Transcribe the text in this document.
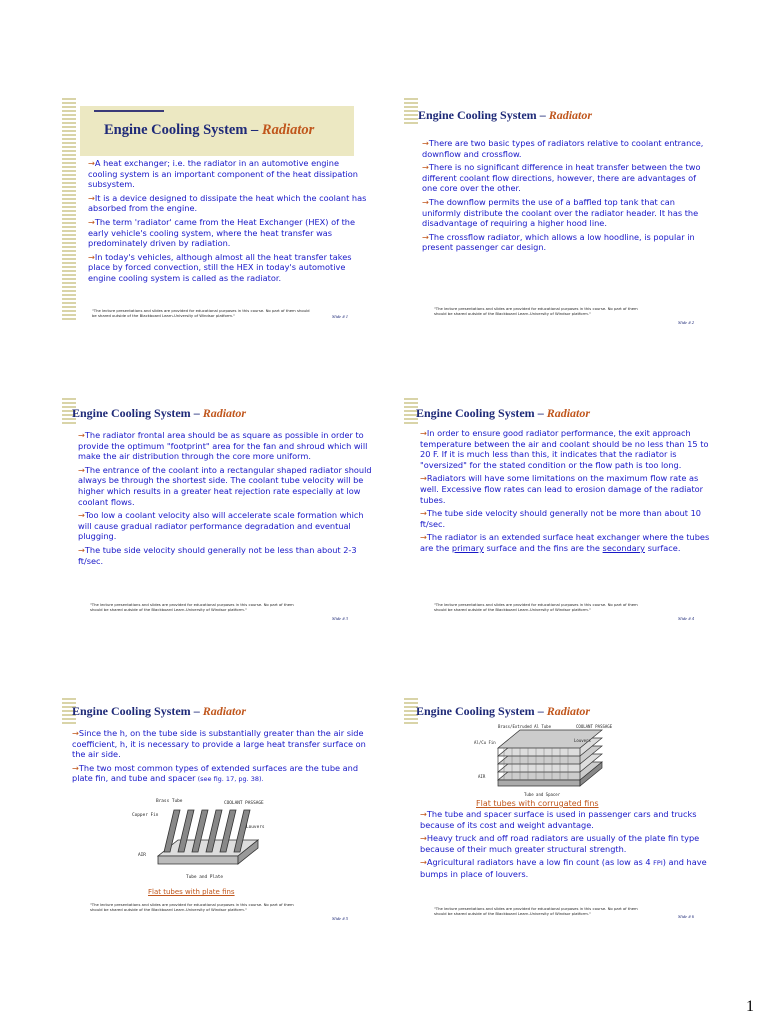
Engine Cooling System – Radiator

→A heat exchanger; i.e. the radiator in an automotive engine cooling system is an important component of the heat dissipation subsystem.

→It is a device designed to dissipate the heat which the coolant has absorbed from the engine.

→The term 'radiator' came from the Heat Exchanger (HEX) of the early vehicle's cooling system, where the heat transfer was predominately driven by radiation.

→In today's vehicles, although almost all the heat transfer takes place by forced convection, still the HEX in today's automotive engine cooling system is called as the radiator.

"The lecture presentations and slides are provided for educational purposes in this course. No part of them should be shared outside of the Blackboard Learn-University of Windsor platform."	Slide # 1
Engine Cooling System – Radiator

→There are two basic types of radiators relative to coolant entrance, downflow and crossflow.

→There is no significant difference in heat transfer between the two different coolant flow directions, however, there are advantages of one core over the other.

→The downflow permits the use of a baffled top tank that can uniformly distribute the coolant over the radiator header. It has the disadvantage of requiring a higher hood line.

→The crossflow radiator, which allows a low hoodline, is popular in present passenger car design.

"The lecture presentations and slides are provided for educational purposes in this course. No part of them should be shared outside of the Blackboard Learn-University of Windsor platform."
Slide # 2
Engine Cooling System – Radiator

→The radiator frontal area should be as square as possible in order to provide the optimum "footprint" area for the fan and shroud which will make the air distribution through the core more uniform.

→The entrance of the coolant into a rectangular shaped radiator should always be through the shortest side. The coolant tube velocity will be higher which results in a greater heat rejection rate especially at low coolant flows.

→Too low a coolant velocity also will accelerate scale formation which will cause gradual radiator performance degradation and eventual plugging.

→The tube side velocity should generally not be less than about 2-3 ft/sec.

"The lecture presentations and slides are provided for educational purposes in this course. No part of them should be shared outside of the Blackboard Learn-University of Windsor platform."
Slide # 3
Engine Cooling System – Radiator

→In order to ensure good radiator performance, the exit approach temperature between the air and coolant should be no less than 15 to 20 F. If it is much less than this, it indicates that the radiator is "oversized" for the stated condition or the flow path is too long.

→Radiators will have some limitations on the maximum flow rate as well. Excessive flow rates can lead to erosion damage of the radiator tubes.

→The tube side velocity should generally not be more than about 10 ft/sec.

→The radiator is an extended surface heat exchanger where the tubes are the primary surface and the fins are the secondary surface.

"The lecture presentations and slides are provided for educational purposes in this course. No part of them should be shared outside of the Blackboard Learn-University of Windsor platform."
Slide # 4
Engine Cooling System – Radiator

→Since the h, on the tube side is substantially greater than the air side coefficient, h, it is necessary to provide a large heat transfer surface on the air side.

→The two most common types of extended surfaces are the tube and plate fin, and tube and spacer (see fig. 17, pg. 38).

Brass Tube
Copper Fin
COOLANT PASSAGE
Louvers
AIR
Tube and Plate
Flat tubes with plate fins
"The lecture presentations and slides are provided for educational purposes in this course. No part of them should be shared outside of the Blackboard Learn-University of Windsor platform."
Slide # 5
Engine Cooling System – Radiator
Brass/Extruded Al Tube	COOLANT PASSAGE
Al/Cu Fin	Louvers
AIR
Tube and Spacer
Flat tubes with corrugated fins

→The tube and spacer surface is used in passenger cars and trucks because of its cost and weight advantage.

→Heavy truck and off road radiators are usually of the plate fin type because of their much greater structural strength.

→Agricultural radiators have a low fin count (as low as 4 FPI) and have bumps in place of louvers.

"The lecture presentations and slides are provided for educational purposes in this course. No part of them should be shared outside of the Blackboard Learn-University of Windsor platform."
Slide # 6
1
